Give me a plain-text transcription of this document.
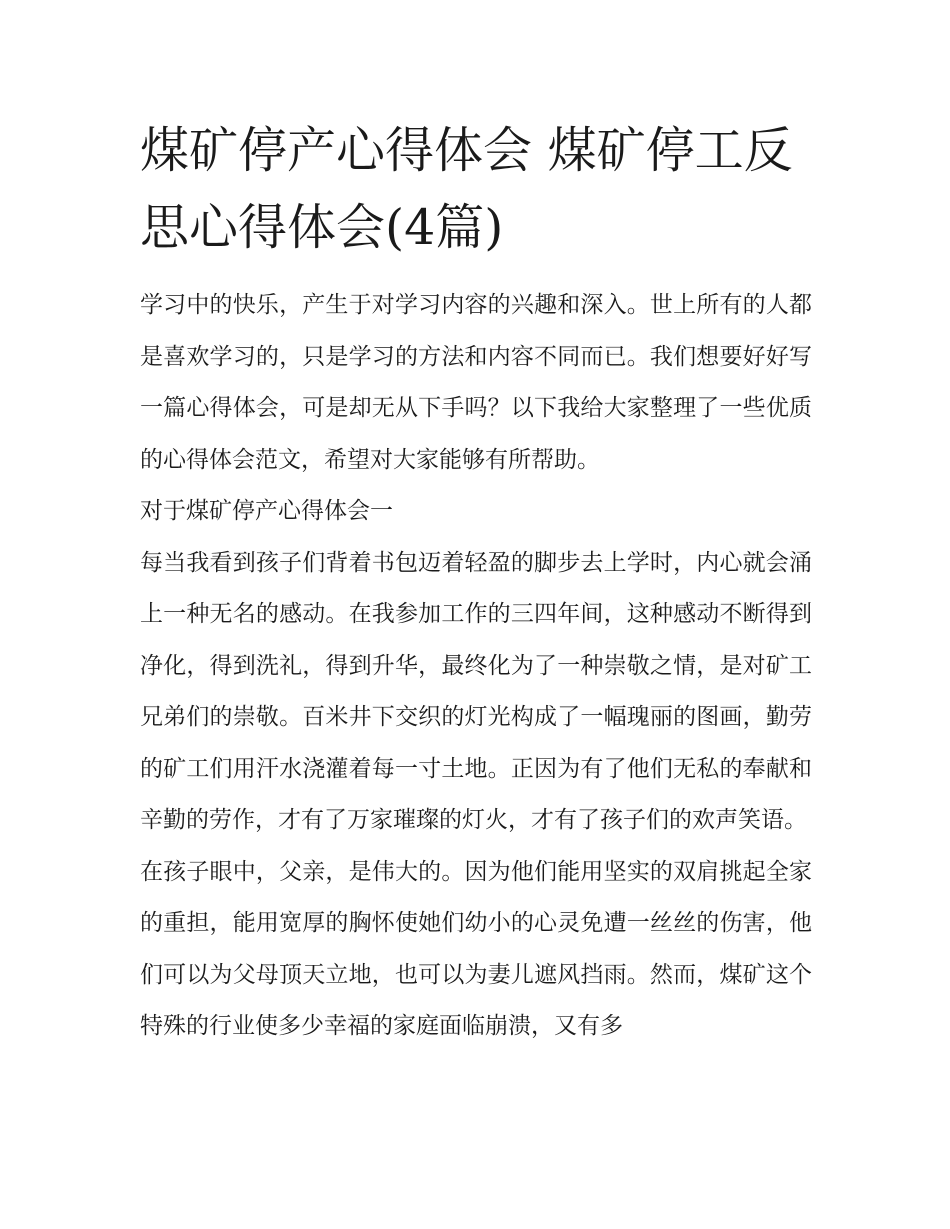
煤矿停产心得体会 煤矿停工反思心得体会(4篇)

学习中的快乐，产生于对学习内容的兴趣和深入。世上所有的人都是喜欢学习的，只是学习的方法和内容不同而已。我们想要好好写一篇心得体会，可是却无从下手吗？以下我给大家整理了一些优质的心得体会范文，希望对大家能够有所帮助。

对于煤矿停产心得体会一

每当我看到孩子们背着书包迈着轻盈的脚步去上学时，内心就会涌上一种无名的感动。在我参加工作的三四年间，这种感动不断得到净化，得到洗礼，得到升华，最终化为了一种崇敬之情，是对矿工兄弟们的崇敬。百米井下交织的灯光构成了一幅瑰丽的图画，勤劳的矿工们用汗水浇灌着每一寸土地。正因为有了他们无私的奉献和辛勤的劳作，才有了万家璀璨的灯火，才有了孩子们的欢声笑语。

在孩子眼中，父亲，是伟大的。因为他们能用坚实的双肩挑起全家的重担，能用宽厚的胸怀使她们幼小的心灵免遭一丝丝的伤害，他们可以为父母顶天立地，也可以为妻儿遮风挡雨。然而，煤矿这个特殊的行业使多少幸福的家庭面临崩溃，又有多
